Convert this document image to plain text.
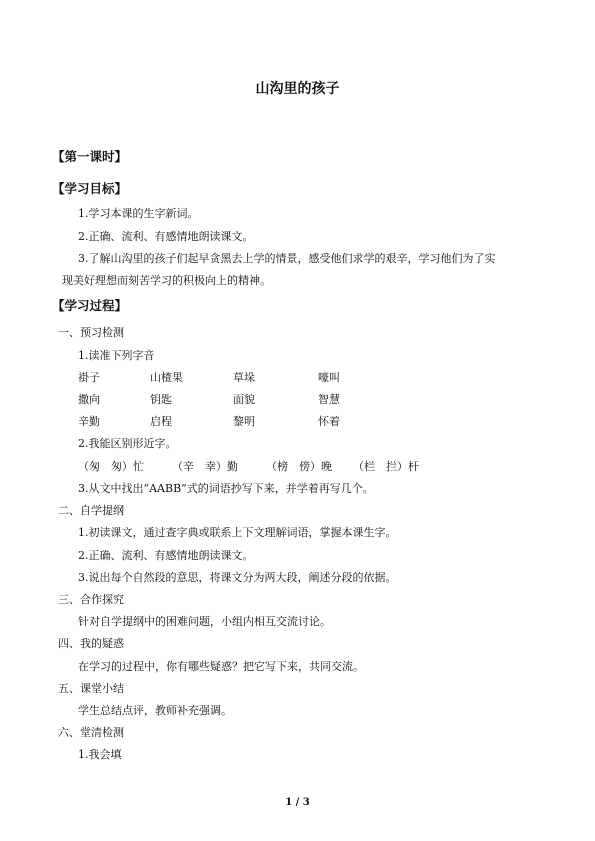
山沟里的孩子
【第一课时】
【学习目标】
1.学习本课的生字新词。
2.正确、流利、有感情地朗读课文。
3.了解山沟里的孩子们起早贪黑去上学的情景，感受他们求学的艰辛，学习他们为了实
现美好理想而刻苦学习的积极向上的精神。
【学习过程】
一、预习检测
1.读准下列字音
褂子	山楂果	草垛	嚎叫
撒向	钥匙	面貌	智慧
辛勤	启程	黎明	怀着
2.我能区别形近字。
（匆　匆）忙	（辛　幸）勤	（榜　傍）晚 （栏　拦）杆
3.从文中找出“AABB”式的词语抄写下来，并学着再写几个。
二、自学提纲
1.初读课文，通过查字典或联系上下文理解词语，掌握本课生字。
2.正确、流利、有感情地朗读课文。
3.说出每个自然段的意思，将课文分为两大段，阐述分段的依据。
三、合作探究
针对自学提纲中的困难问题，小组内相互交流讨论。
四、我的疑惑
在学习的过程中，你有哪些疑惑？把它写下来，共同交流。
五、课堂小结
学生总结点评，教师补充强调。
六、堂清检测
1.我会填
1 / 3
